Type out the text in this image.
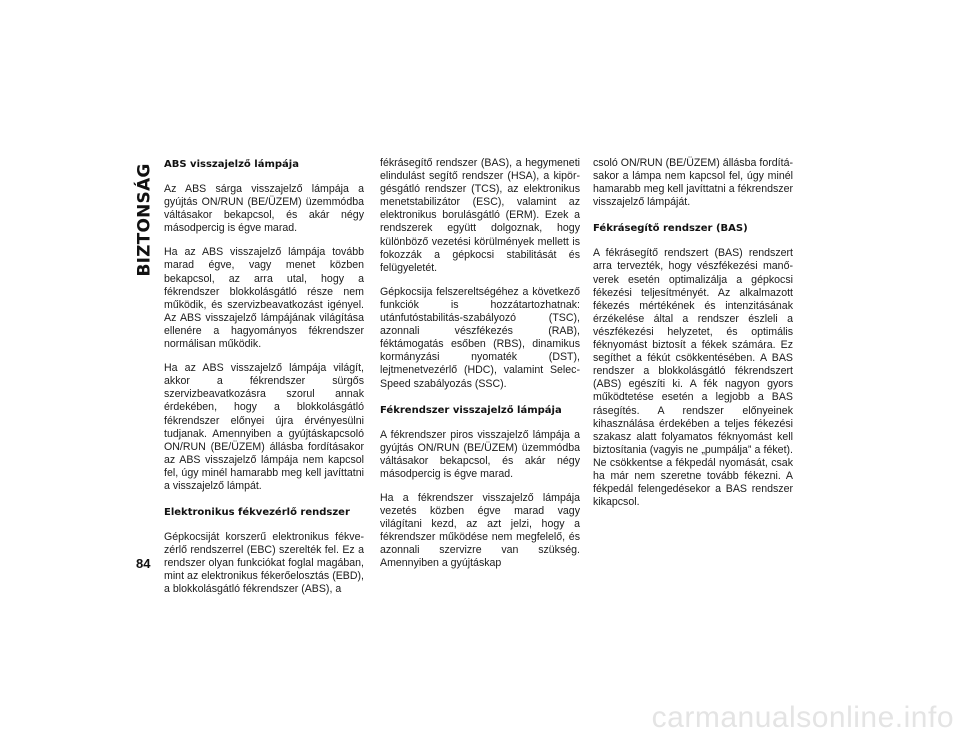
BIZTONSÁG ABS visszajelző lámpája

Az ABS sárga visszajelző lámpája a gyújtás ON/RUN (BE/ÜZEM) üzemmódba váltásakor bekapcsol, és akár négy másodpercig is égve marad.

Ha az ABS visszajelző lámpája tovább marad égve, vagy menet közben bekapcsol, az arra utal, hogy a fékrendszer blokkolásgátló része nem működik, és szervizbeavatkozást igényel. Az ABS visszajelző lámpájának világítása ellenére a hagyományos fékrendszer normálisan működik.

Ha az ABS visszajelző lámpája világít, akkor a fékrendszer sürgős szervizbeavatkozásra szorul annak érdekében, hogy a blokkolásgátló fékrendszer előnyei újra érvényesülni tudjanak. Amennyiben a gyújtáskapcsoló ON/RUN (BE/ÜZEM) állásba fordításakor az ABS visszajelző lámpája nem kapcsol fel, úgy minél hamarabb meg kell javíttatni a visszajelző lámpát.

Elektronikus fékvezérlő rendszer

Gépkocsiját korszerű elektronikus fékvezérlő rendszerrel (EBC) szerelték fel. Ez a rendszer olyan funkciókat foglal magában, mint az elektronikus fékerőelosztás (EBD), a blokkolásgátló fékrendszer (ABS), a

fékrásegítő rendszer (BAS), a hegymeneti elindulást segítő rendszer (HSA), a kipörgésgátló rendszer (TCS), az elektronikus menetstabilizátor (ESC), valamint az elektronikus borulásgátló (ERM). Ezek a rendszerek együtt dolgoznak, hogy különböző vezetési körülmények mellett is fokozzák a gépkocsi stabilitását és felügyeletét.

Gépkocsija felszereltségéhez a következő funkciók is hozzátartozhatnak: utánfutóstabilitás-szabályozó (TSC), azonnali vészfékezés (RAB), féktámogatás esőben (RBS), dinamikus kormányzási nyomaték (DST), lejtmenetvezérlő (HDC), valamint Selec-Speed szabályozás (SSC).

Fékrendszer visszajelző lámpája

A fékrendszer piros visszajelző lámpája a gyújtás ON/RUN (BE/ÜZEM) üzemmódba váltásakor bekapcsol, és akár négy másodpercig is égve marad.

Ha a fékrendszer visszajelző lámpája vezetés közben égve marad vagy világítani kezd, az azt jelzi, hogy a fékrendszer működése nem megfelelő, és azonnali szervizre van szükség. Amennyiben a gyújtáskap

csoló ON/RUN (BE/ÜZEM) állásba fordításakor a lámpa nem kapcsol fel, úgy minél hamarabb meg kell javíttatni a fékrendszer visszajelző lámpáját.

Fékrásegítő rendszer (BAS)

A fékrásegítő rendszert (BAS) rendszert arra tervezték, hogy vészfékezési manőverek esetén optimalizálja a gépkocsi fékezési teljesítményét. Az alkalmazott fékezés mértékének és intenzitásának érzékelése által a rendszer észleli a vészfékezési helyzetet, és optimális féknyomást biztosít a fékek számára. Ez segíthet a fékút csökkentésében. A BAS rendszer a blokkolásgátló fékrendszert (ABS) egészíti ki. A fék nagyon gyors működtetése esetén a legjobb a BAS rásegítés. A rendszer előnyeinek kihasználása érdekében a teljes fékezési szakasz alatt folyamatos féknyomást kell biztosítania (vagyis ne „pumpálja” a féket). Ne csökkentse a fékpedál nyomását, csak ha már nem szeretne tovább fékezni. A fékpedál felengedésekor a BAS rendszer kikapcsol.

84
carmanualsonline.info
